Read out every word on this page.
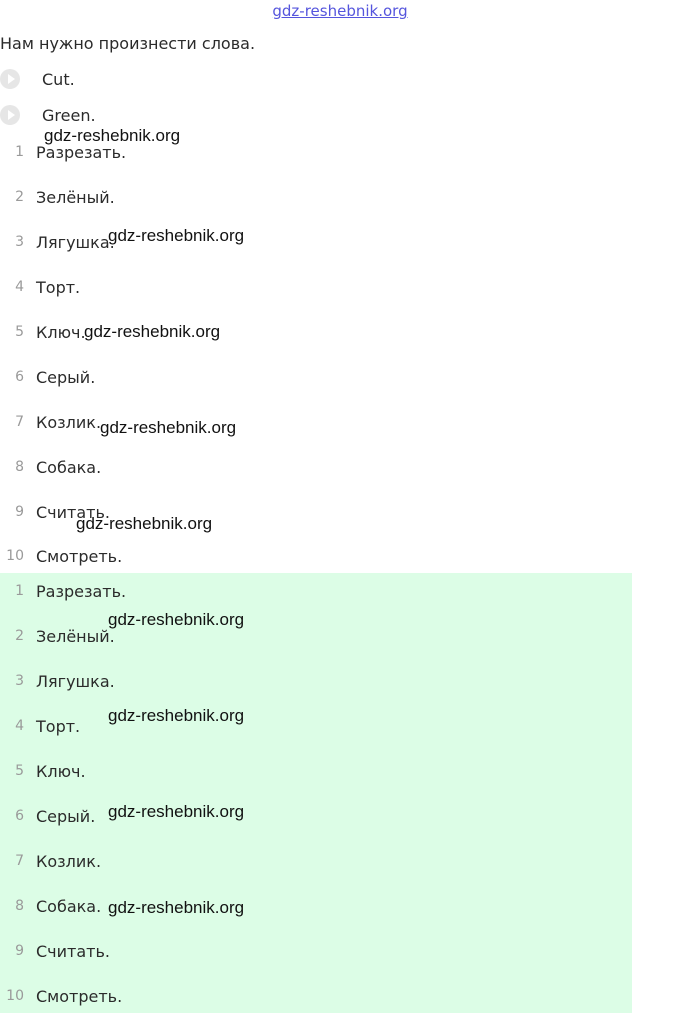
gdz-reshebnik.org
Нам нужно произнести слова.
Cut.
Green.
1 Разрезать.
2 Зелёный.
3 Лягушка.
4 Торт.
5 Ключ.
6 Серый.
7 Козлик.
8 Собака.
9 Считать.
10 Смотреть.
1 Разрезать.
2 Зелёный.
3 Лягушка.
4 Торт.
5 Ключ.
6 Серый.
7 Козлик.
8 Собака.
9 Считать.
10 Смотреть.
gdz-reshebnik.org
gdz-reshebnik.org
gdz-reshebnik.org
gdz-reshebnik.org
gdz-reshebnik.org
gdz-reshebnik.org
gdz-reshebnik.org
gdz-reshebnik.org
gdz-reshebnik.org
